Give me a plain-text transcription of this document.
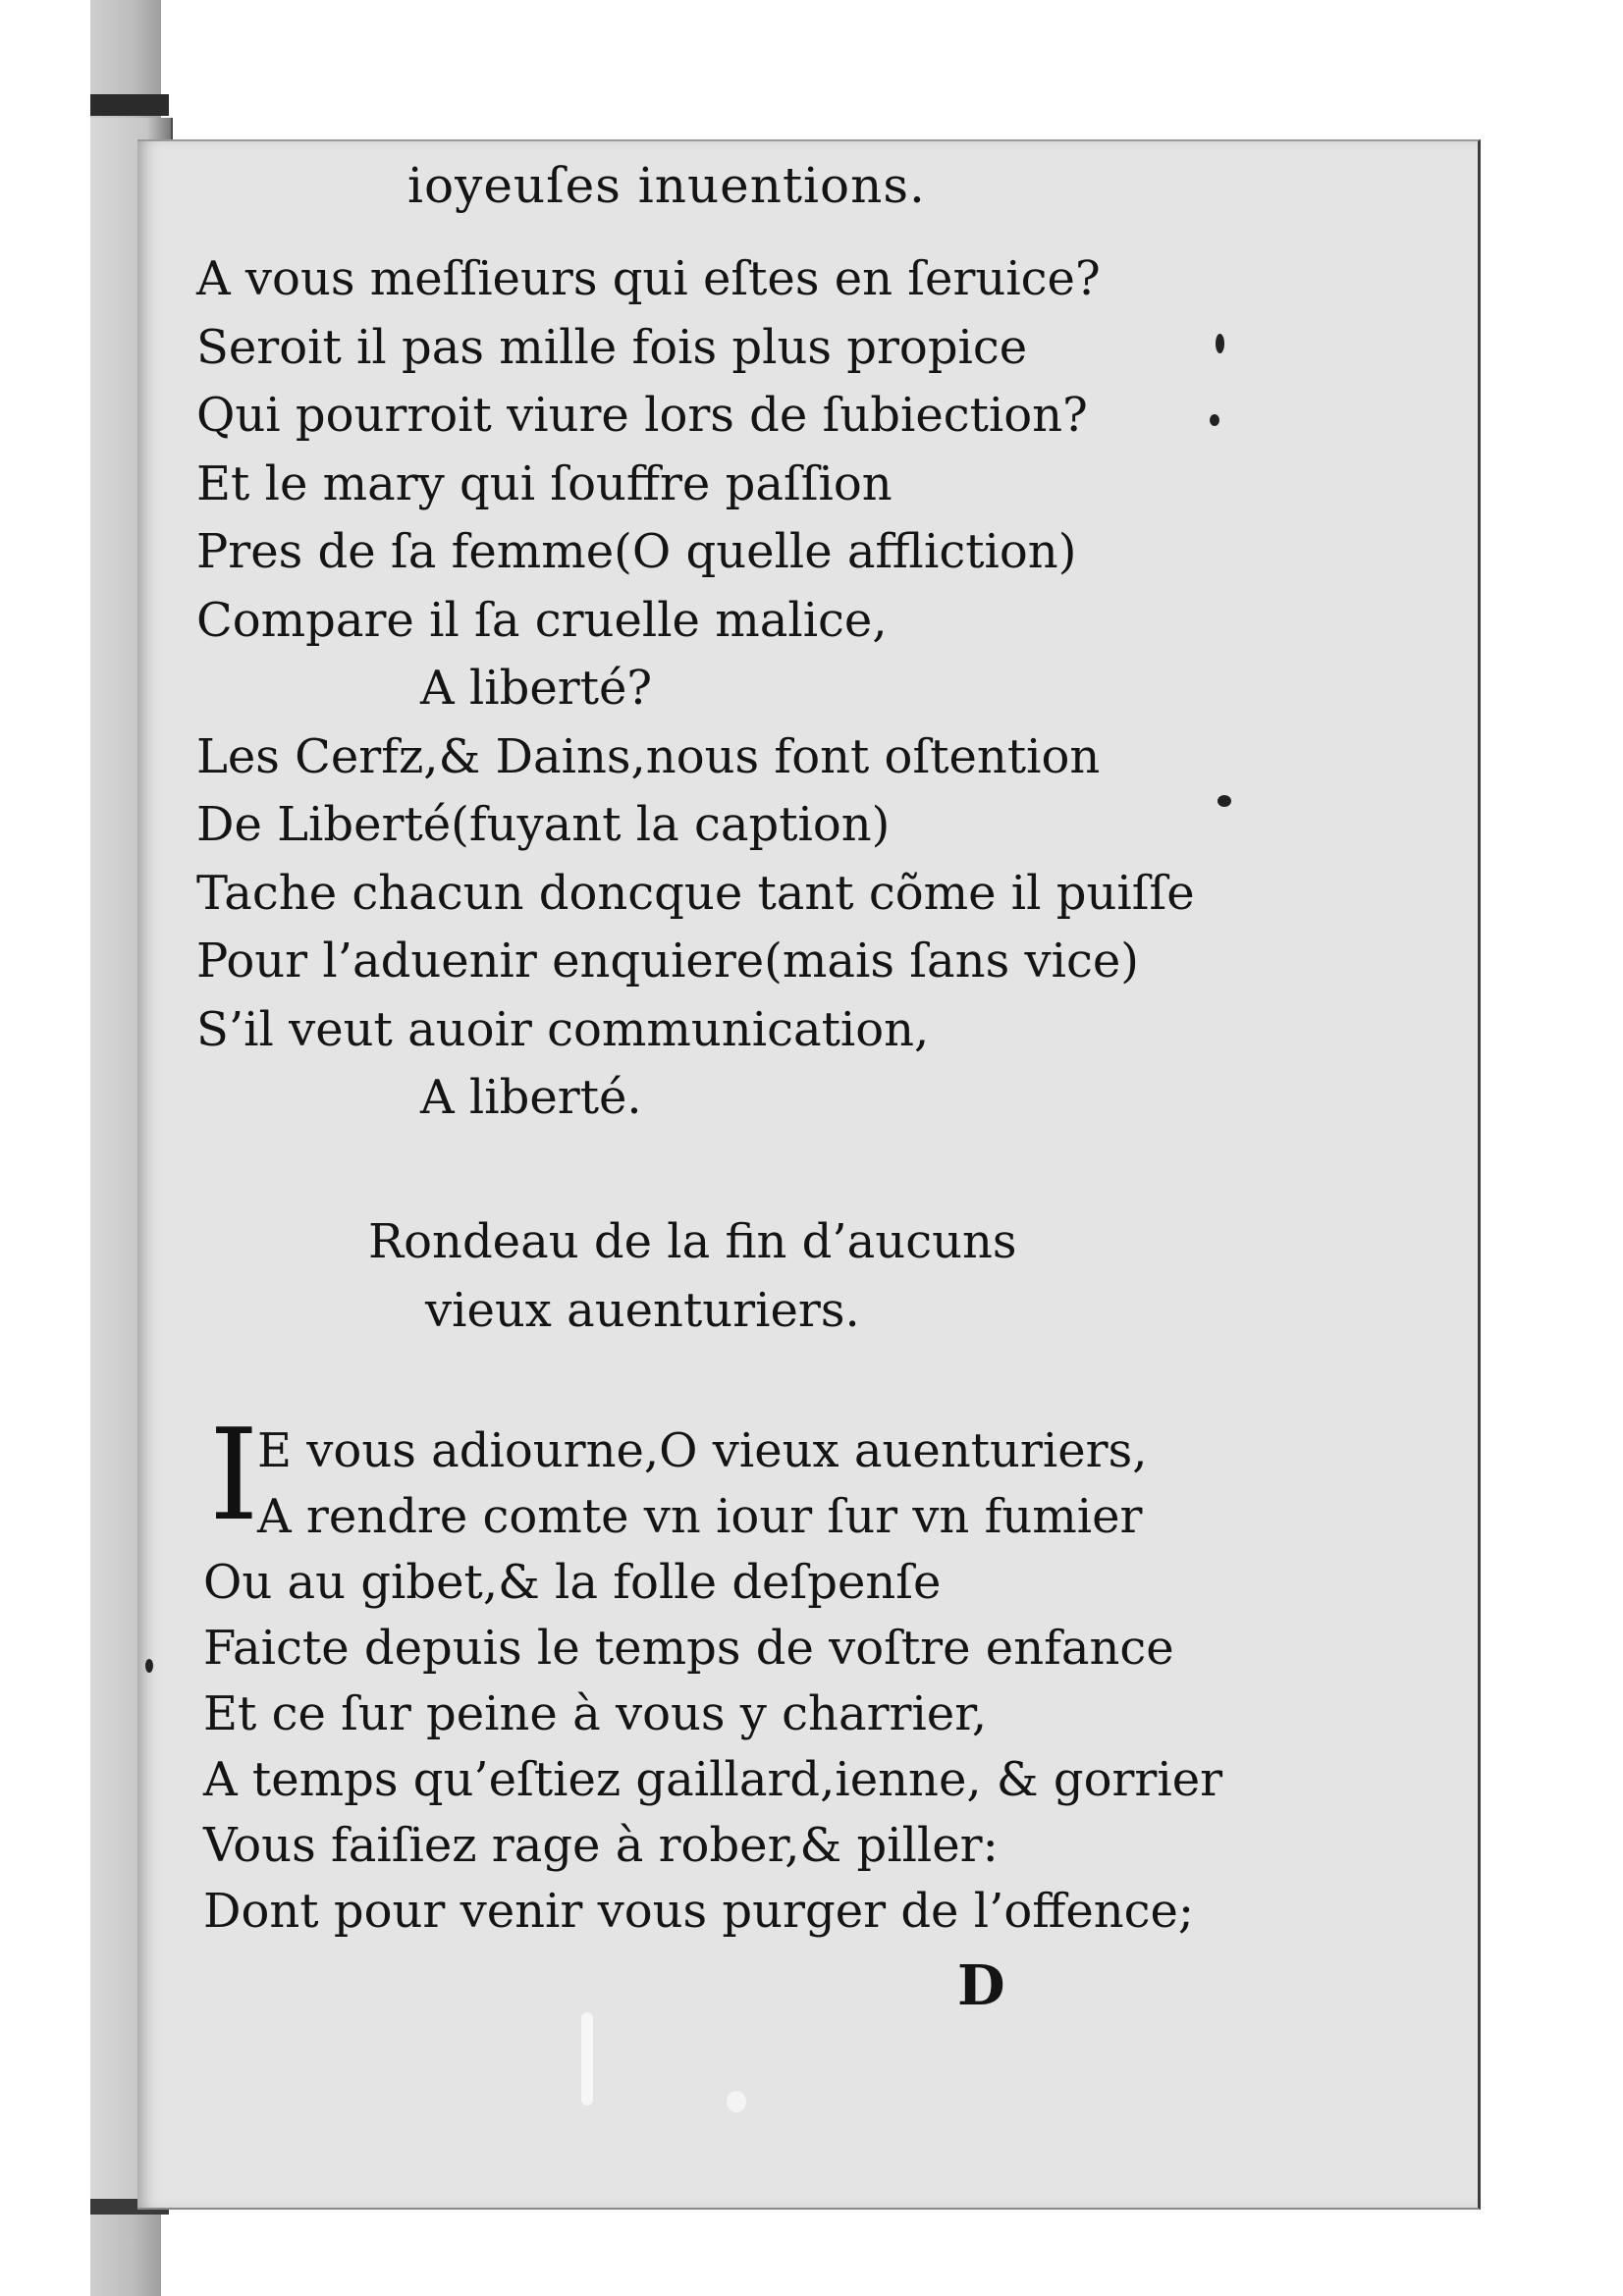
ioyeuſes inuentions.
A vous meſſieurs qui eſtes en ſeruice?
Seroit il pas mille fois plus propice
Qui pourroit viure lors de ſubiection?
Et le mary qui ſouffre paſſion
Pres de ſa femme(O quelle affliction)
Compare il ſa cruelle malice,
A liberté?
Les Cerfz,& Dains,nous font oſtention
De Liberté(fuyant la caption)
Tache chacun doncque tant cõme il puiſſe
Pour l’aduenir enquiere(mais ſans vice)
S’il veut auoir communication,
A liberté.
Rondeau de la fin d’aucuns
vieux auenturiers.
I
E vous adiourne,O vieux auenturiers,
A rendre comte vn iour ſur vn fumier
Ou au gibet,& la folle deſpenſe
Faicte depuis le temps de voſtre enfance
Et ce ſur peine à vous y charrier,
A temps qu’eſtiez gaillard,ienne, & gorrier
Vous faiſiez rage à rober,& piller:
Dont pour venir vous purger de l’offence;
D
